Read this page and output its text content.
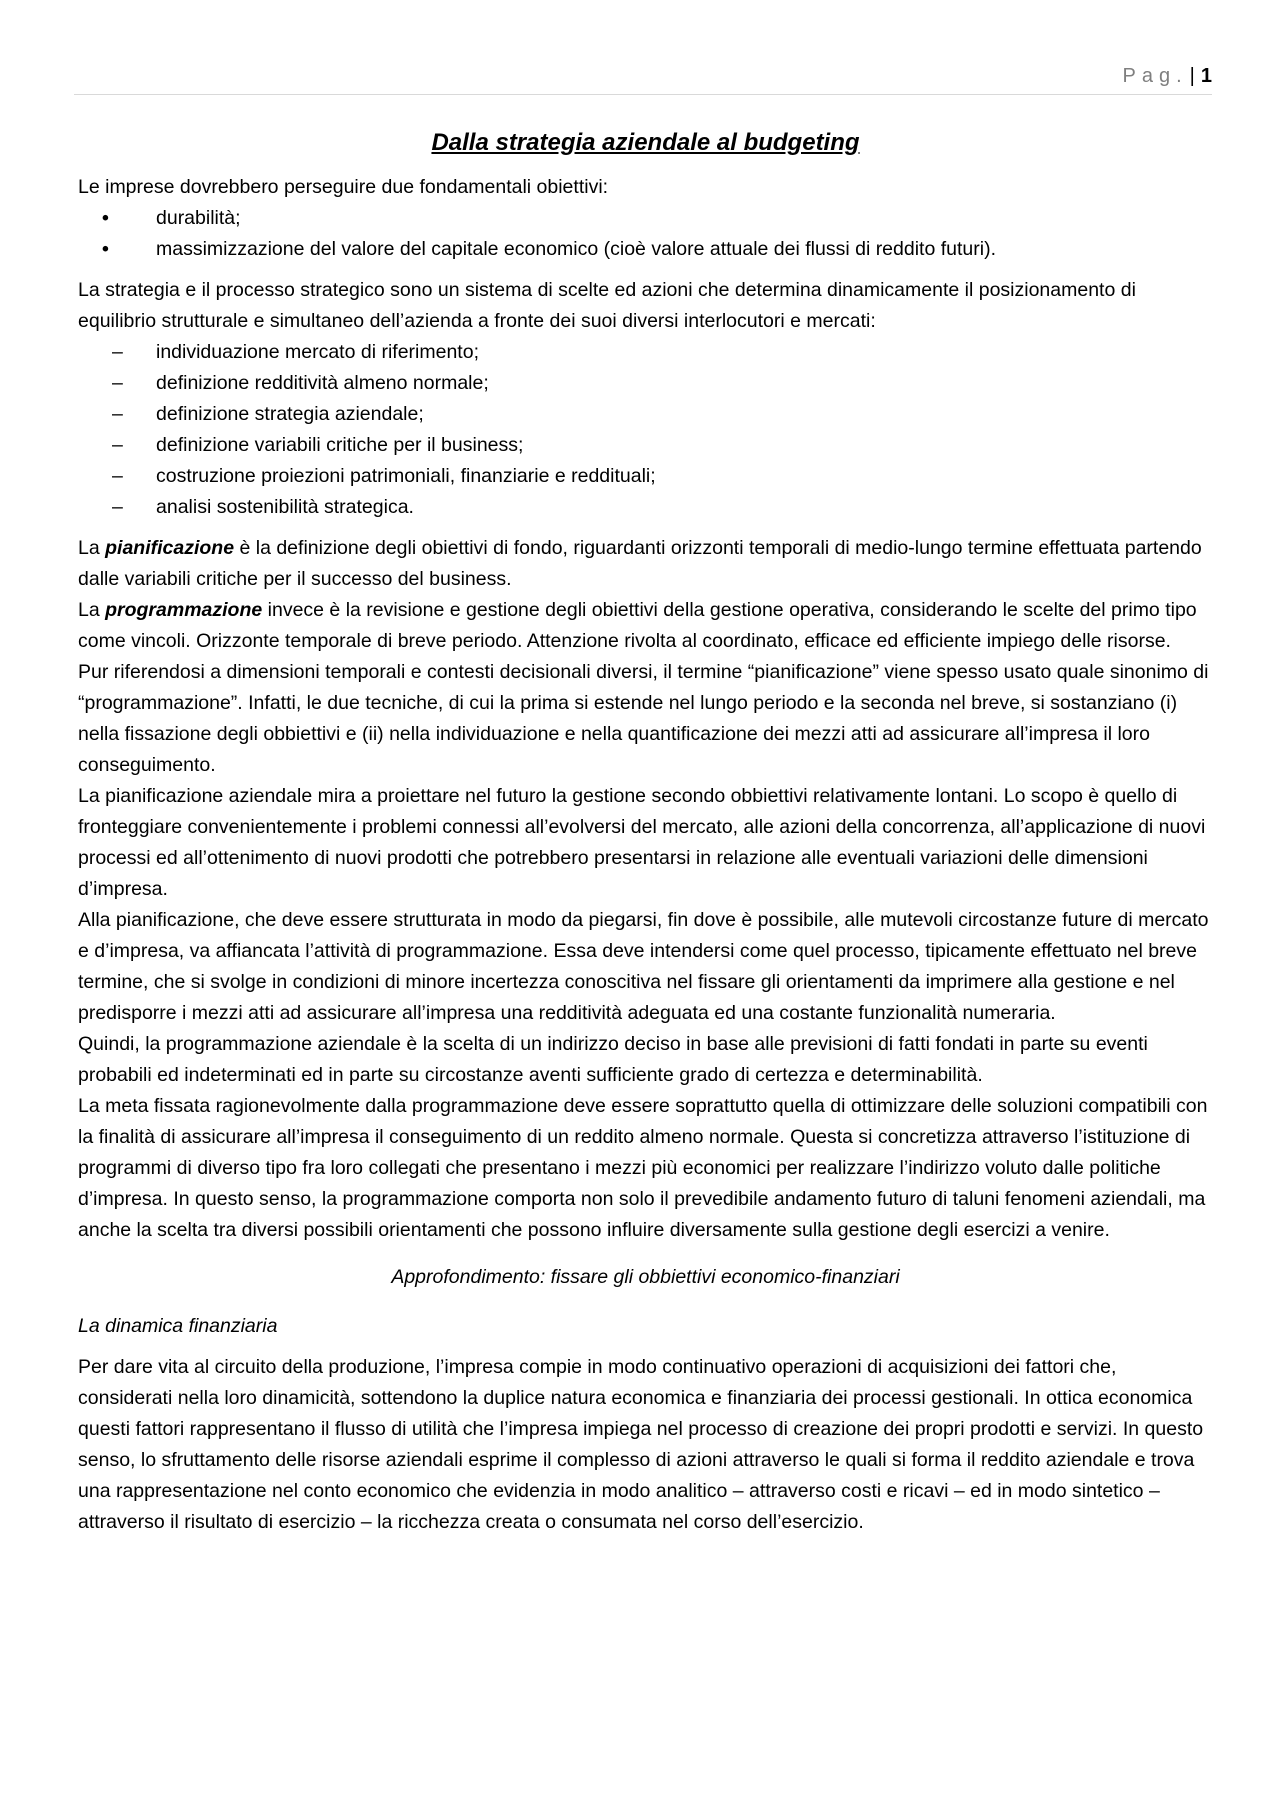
Pag. | 1
Dalla strategia aziendale al budgeting

Le imprese dovrebbero perseguire due fondamentali obiettivi:

• durabilità;
• massimizzazione del valore del capitale economico (cioè valore attuale dei flussi di reddito futuri).

La strategia e il processo strategico sono un sistema di scelte ed azioni che determina dinamicamente il posizionamento di equilibrio strutturale e simultaneo dell’azienda a fronte dei suoi diversi interlocutori e mercati:

– individuazione mercato di riferimento;
– definizione redditività almeno normale;
– definizione strategia aziendale;
– definizione variabili critiche per il business;
– costruzione proiezioni patrimoniali, finanziarie e reddituali;
– analisi sostenibilità strategica.

La pianificazione è la definizione degli obiettivi di fondo, riguardanti orizzonti temporali di medio-lungo termine effettuata partendo dalle variabili critiche per il successo del business.

La programmazione invece è la revisione e gestione degli obiettivi della gestione operativa, considerando le scelte del primo tipo come vincoli. Orizzonte temporale di breve periodo. Attenzione rivolta al coordinato, efficace ed efficiente impiego delle risorse.

Pur riferendosi a dimensioni temporali e contesti decisionali diversi, il termine “pianificazione” viene spesso usato quale sinonimo di “programmazione”. Infatti, le due tecniche, di cui la prima si estende nel lungo periodo e la seconda nel breve, si sostanziano (i) nella fissazione degli obbiettivi e (ii) nella individuazione e nella quantificazione dei mezzi atti ad assicurare all’impresa il loro conseguimento.

La pianificazione aziendale mira a proiettare nel futuro la gestione secondo obbiettivi relativamente lontani. Lo scopo è quello di fronteggiare convenientemente i problemi connessi all’evolversi del mercato, alle azioni della concorrenza, all’applicazione di nuovi processi ed all’ottenimento di nuovi prodotti che potrebbero presentarsi in relazione alle eventuali variazioni delle dimensioni d’impresa.

Alla pianificazione, che deve essere strutturata in modo da piegarsi, fin dove è possibile, alle mutevoli circostanze future di mercato e d’impresa, va affiancata l’attività di programmazione. Essa deve intendersi come quel processo, tipicamente effettuato nel breve termine, che si svolge in condizioni di minore incertezza conoscitiva nel fissare gli orientamenti da imprimere alla gestione e nel predisporre i mezzi atti ad assicurare all’impresa una redditività adeguata ed una costante funzionalità numeraria.

Quindi, la programmazione aziendale è la scelta di un indirizzo deciso in base alle previsioni di fatti fondati in parte su eventi probabili ed indeterminati ed in parte su circostanze aventi sufficiente grado di certezza e determinabilità.

La meta fissata ragionevolmente dalla programmazione deve essere soprattutto quella di ottimizzare delle soluzioni compatibili con la finalità di assicurare all’impresa il conseguimento di un reddito almeno normale. Questa si concretizza attraverso l’istituzione di programmi di diverso tipo fra loro collegati che presentano i mezzi più economici per realizzare l’indirizzo voluto dalle politiche d’impresa. In questo senso, la programmazione comporta non solo il prevedibile andamento futuro di taluni fenomeni aziendali, ma anche la scelta tra diversi possibili orientamenti che possono influire diversamente sulla gestione degli esercizi a venire.

Approfondimento: fissare gli obbiettivi economico-finanziari

La dinamica finanziaria

Per dare vita al circuito della produzione, l’impresa compie in modo continuativo operazioni di acquisizioni dei fattori che, considerati nella loro dinamicità, sottendono la duplice natura economica e finanziaria dei processi gestionali. In ottica economica questi fattori rappresentano il flusso di utilità che l’impresa impiega nel processo di creazione dei propri prodotti e servizi. In questo senso, lo sfruttamento delle risorse aziendali esprime il complesso di azioni attraverso le quali si forma il reddito aziendale e trova una rappresentazione nel conto economico che evidenzia in modo analitico – attraverso costi e ricavi – ed in modo sintetico – attraverso il risultato di esercizio – la ricchezza creata o consumata nel corso dell’esercizio.
